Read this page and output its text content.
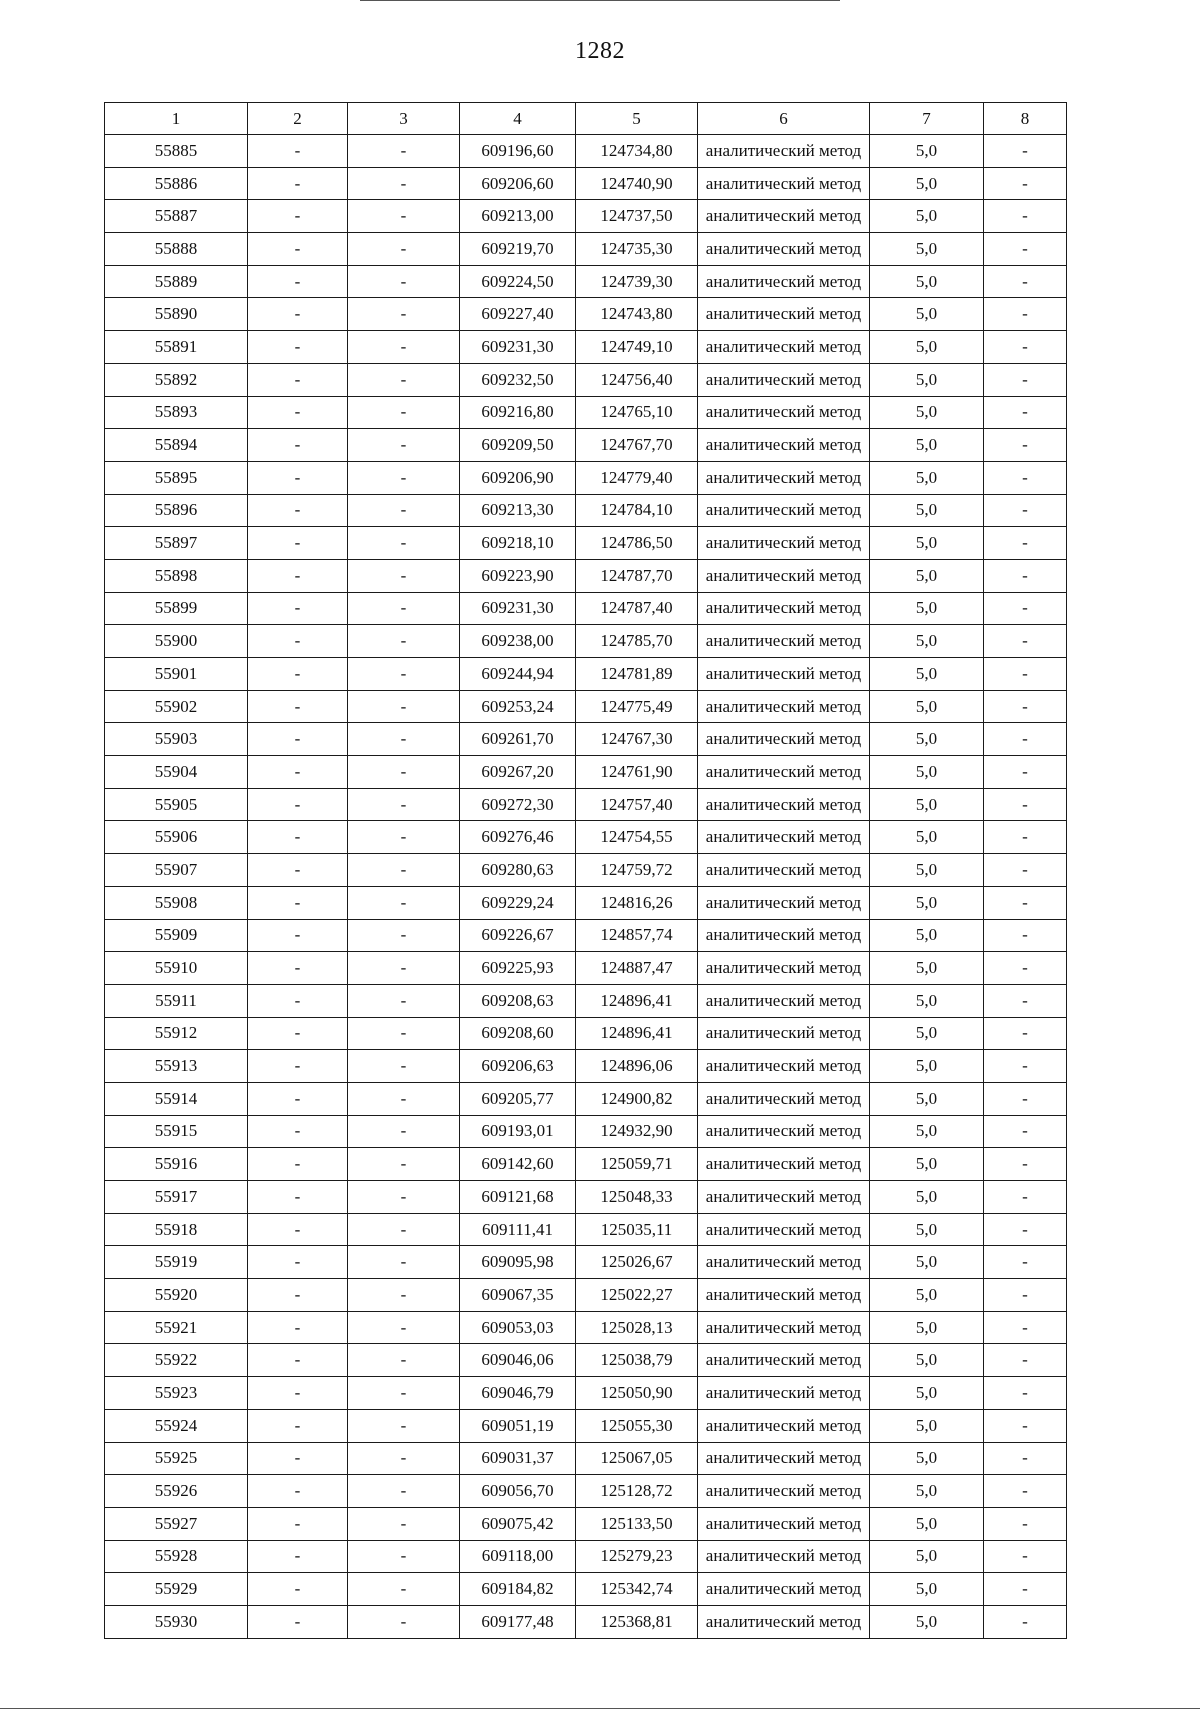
1282
1	2	3	4	5	6	7	8
55885	-	-	609196,60	124734,80	аналитический метод	5,0	-
55886	-	-	609206,60	124740,90	аналитический метод	5,0	-
55887	-	-	609213,00	124737,50	аналитический метод	5,0	-
55888	-	-	609219,70	124735,30	аналитический метод	5,0	-
55889	-	-	609224,50	124739,30	аналитический метод	5,0	-
55890	-	-	609227,40	124743,80	аналитический метод	5,0	-
55891	-	-	609231,30	124749,10	аналитический метод	5,0	-
55892	-	-	609232,50	124756,40	аналитический метод	5,0	-
55893	-	-	609216,80	124765,10	аналитический метод	5,0	-
55894	-	-	609209,50	124767,70	аналитический метод	5,0	-
55895	-	-	609206,90	124779,40	аналитический метод	5,0	-
55896	-	-	609213,30	124784,10	аналитический метод	5,0	-
55897	-	-	609218,10	124786,50	аналитический метод	5,0	-
55898	-	-	609223,90	124787,70	аналитический метод	5,0	-
55899	-	-	609231,30	124787,40	аналитический метод	5,0	-
55900	-	-	609238,00	124785,70	аналитический метод	5,0	-
55901	-	-	609244,94	124781,89	аналитический метод	5,0	-
55902	-	-	609253,24	124775,49	аналитический метод	5,0	-
55903	-	-	609261,70	124767,30	аналитический метод	5,0	-
55904	-	-	609267,20	124761,90	аналитический метод	5,0	-
55905	-	-	609272,30	124757,40	аналитический метод	5,0	-
55906	-	-	609276,46	124754,55	аналитический метод	5,0	-
55907	-	-	609280,63	124759,72	аналитический метод	5,0	-
55908	-	-	609229,24	124816,26	аналитический метод	5,0	-
55909	-	-	609226,67	124857,74	аналитический метод	5,0	-
55910	-	-	609225,93	124887,47	аналитический метод	5,0	-
55911	-	-	609208,63	124896,41	аналитический метод	5,0	-
55912	-	-	609208,60	124896,41	аналитический метод	5,0	-
55913	-	-	609206,63	124896,06	аналитический метод	5,0	-
55914	-	-	609205,77	124900,82	аналитический метод	5,0	-
55915	-	-	609193,01	124932,90	аналитический метод	5,0	-
55916	-	-	609142,60	125059,71	аналитический метод	5,0	-
55917	-	-	609121,68	125048,33	аналитический метод	5,0	-
55918	-	-	609111,41	125035,11	аналитический метод	5,0	-
55919	-	-	609095,98	125026,67	аналитический метод	5,0	-
55920	-	-	609067,35	125022,27	аналитический метод	5,0	-
55921	-	-	609053,03	125028,13	аналитический метод	5,0	-
55922	-	-	609046,06	125038,79	аналитический метод	5,0	-
55923	-	-	609046,79	125050,90	аналитический метод	5,0	-
55924	-	-	609051,19	125055,30	аналитический метод	5,0	-
55925	-	-	609031,37	125067,05	аналитический метод	5,0	-
55926	-	-	609056,70	125128,72	аналитический метод	5,0	-
55927	-	-	609075,42	125133,50	аналитический метод	5,0	-
55928	-	-	609118,00	125279,23	аналитический метод	5,0	-
55929	-	-	609184,82	125342,74	аналитический метод	5,0	-
55930	-	-	609177,48	125368,81	аналитический метод	5,0	-
